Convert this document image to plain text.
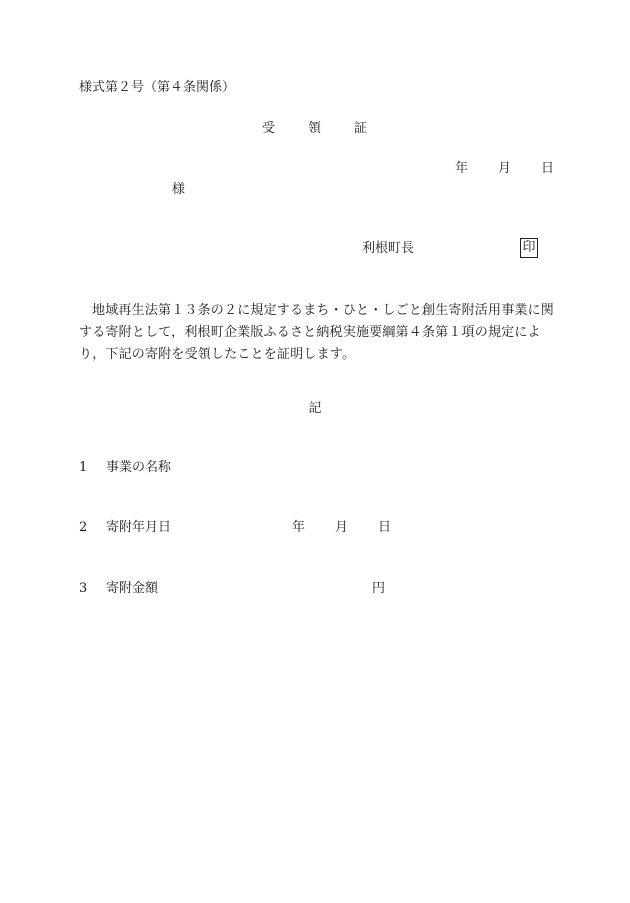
様式第２号（第４条関係）
受 領 証
年 月 日
様
利根町長	印
地域再生法第１３条の２に規定するまち・ひと・しごと創生寄附活用事業に関する寄附として，利根町企業版ふるさと納税実施要綱第４条第１項の規定により，下記の寄附を受領したことを証明します。
記
1 事業の名称
2 寄附年月日	年 月 日
3 寄附金額	円
